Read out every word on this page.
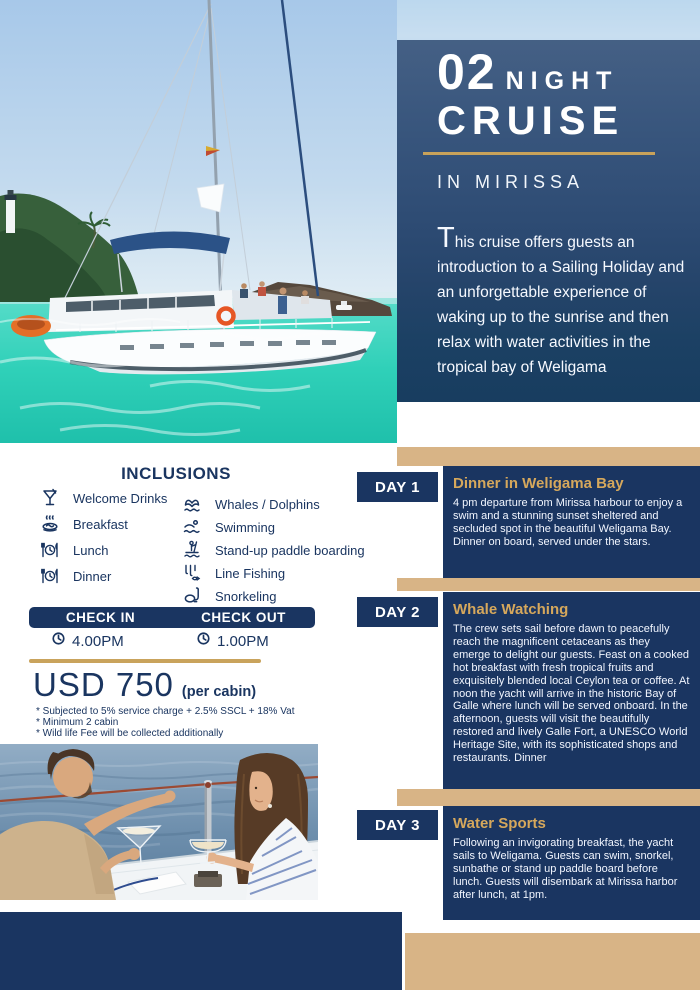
02 NIGHT
CRUISE
IN MIRISSA

This cruise offers guests an introduction to a Sailing Holiday and an unforgettable experience of waking up to the sunrise and then relax with water activities in the tropical bay of Weligama

INCLUSIONS
Welcome Drinks
Breakfast
Lunch
Dinner
Whales / Dolphins
Swimming
Stand-up paddle boarding
Line Fishing
Snorkeling
CHECK IN	CHECK OUT
4.00PM	1.00PM
USD 750 (per cabin)
* Subjected to 5% service charge + 2.5% SSCL + 18% Vat
* Minimum 2 cabin
* Wild life Fee will be collected additionally
Dinner in Weligama Bay

4 pm departure from Mirissa harbour to enjoy a swim and a stunning sunset sheltered and secluded spot in the beautiful Weligama Bay. Dinner on board, served under the stars.

DAY 1
Whale Watching

The crew sets sail before dawn to peacefully reach the magnificent cetaceans as they emerge to delight our guests. Feast on a cooked hot breakfast with fresh tropical fruits and exquisitely blended local Ceylon tea or coffee. At noon the yacht will arrive in the historic Bay of Galle where lunch will be served onboard. In the afternoon, guests will visit the beautifully restored and lively Galle Fort, a UNESCO World Heritage Site, with its sophisticated shops and restaurants. Dinner

DAY 2
Water Sports

Following an invigorating breakfast, the yacht sails to Weligama. Guests can swim, snorkel, sunbathe or stand up paddle board before lunch. Guests will disembark at Mirissa harbor after lunch, at 1pm.

DAY 3
